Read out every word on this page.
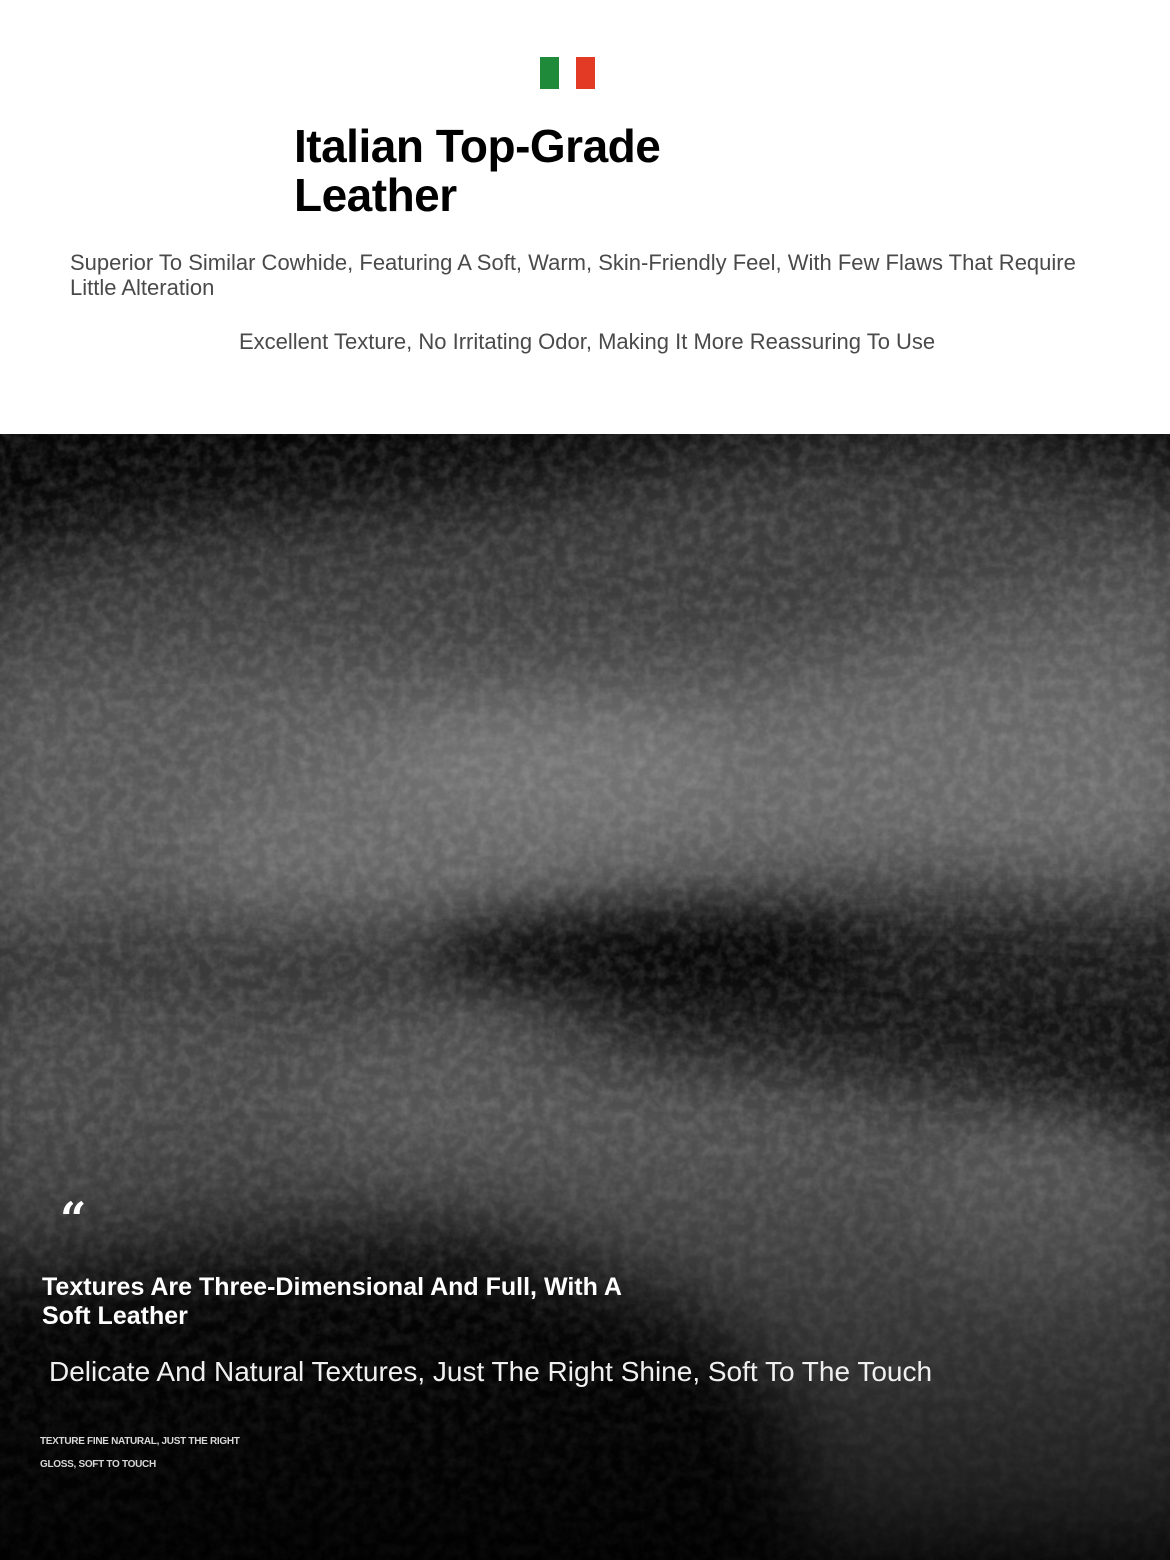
Italian Top-Grade Leather

Superior To Similar Cowhide, Featuring A Soft, Warm, Skin-Friendly Feel, With Few Flaws That Require Little Alteration

Excellent Texture, No Irritating Odor, Making It More Reassuring To Use

“
Textures Are Three-Dimensional And Full, With A Soft Leather

Delicate And Natural Textures, Just The Right Shine, Soft To The Touch

TEXTURE FINE NATURAL, JUST THE RIGHT GLOSS, SOFT TO TOUCH
